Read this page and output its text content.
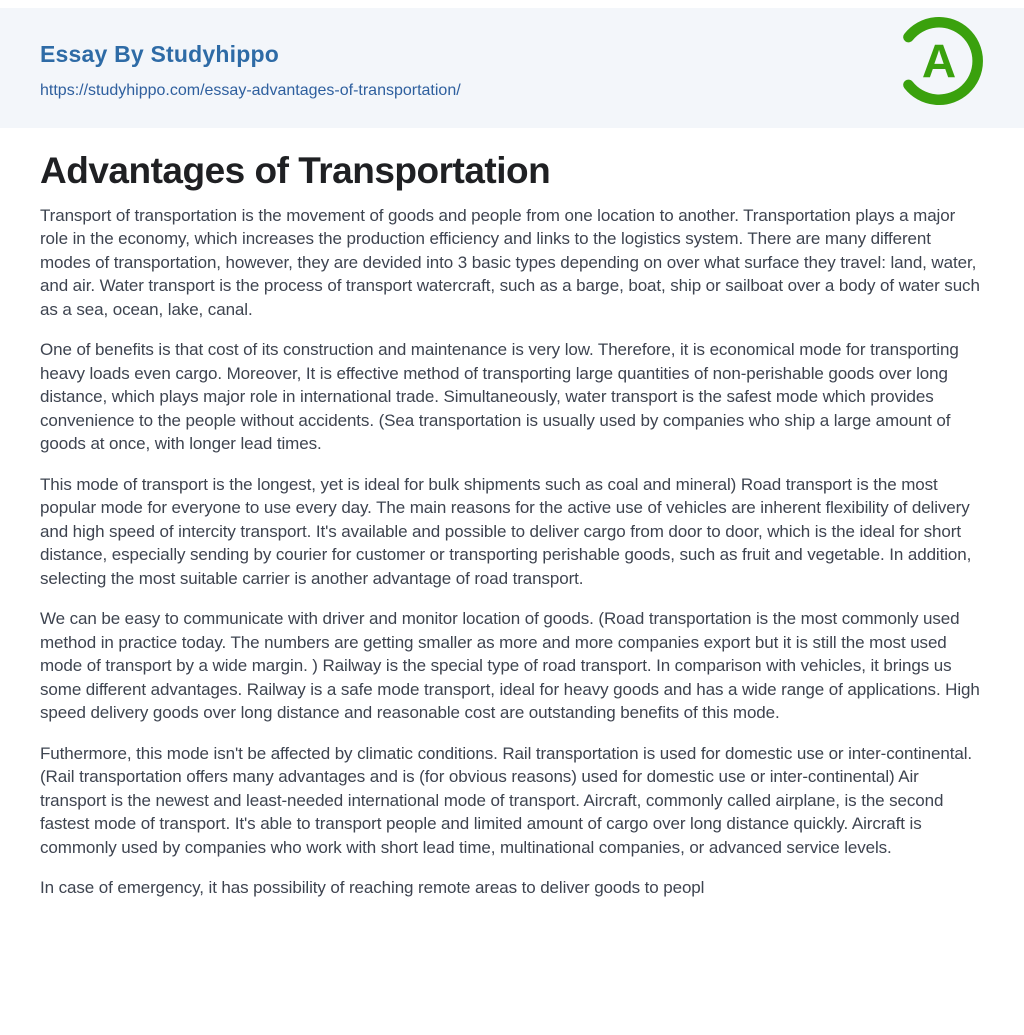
Essay By Studyhippo
https://studyhippo.com/essay-advantages-of-transportation/
A
Advantages of Transportation

Transport of transportation is the movement of goods and people from one location to another. Transportation plays a major role in the economy, which increases the production efficiency and links to the logistics system. There are many different modes of transportation, however, they are devided into 3 basic types depending on over what surface they travel: land, water, and air. Water transport is the process of transport watercraft, such as a barge, boat, ship or sailboat over a body of water such as a sea, ocean, lake, canal.

One of benefits is that cost of its construction and maintenance is very low. Therefore, it is economical mode for transporting heavy loads even cargo. Moreover, It is effective method of transporting large quantities of non-perishable goods over long distance, which plays major role in international trade. Simultaneously, water transport is the safest mode which provides convenience to the people without accidents. (Sea transportation is usually used by companies who ship a large amount of goods at once, with longer lead times.

This mode of transport is the longest, yet is ideal for bulk shipments such as coal and mineral) Road transport is the most popular mode for everyone to use every day. The main reasons for the active use of vehicles are inherent flexibility of delivery and high speed of intercity transport. It's available and possible to deliver cargo from door to door, which is the ideal for short distance, especially sending by courier for customer or transporting perishable goods, such as fruit and vegetable. In addition, selecting the most suitable carrier is another advantage of road transport.

We can be easy to communicate with driver and monitor location of goods. (Road transportation is the most commonly used method in practice today. The numbers are getting smaller as more and more companies export but it is still the most used mode of transport by a wide margin. ) Railway is the special type of road transport. In comparison with vehicles, it brings us some different advantages. Railway is a safe mode transport, ideal for heavy goods and has a wide range of applications. High speed delivery goods over long distance and reasonable cost are outstanding benefits of this mode.

Futhermore, this mode isn't be affected by climatic conditions. Rail transportation is used for domestic use or inter-continental. (Rail transportation offers many advantages and is (for obvious reasons) used for domestic use or inter-continental) Air transport is the newest and least-needed international mode of transport. Aircraft, commonly called airplane, is the second fastest mode of transport. It's able to transport people and limited amount of cargo over long distance quickly. Aircraft is commonly used by companies who work with short lead time, multinational companies, or advanced service levels.

In case of emergency, it has possibility of reaching remote areas to deliver goods to peopl
